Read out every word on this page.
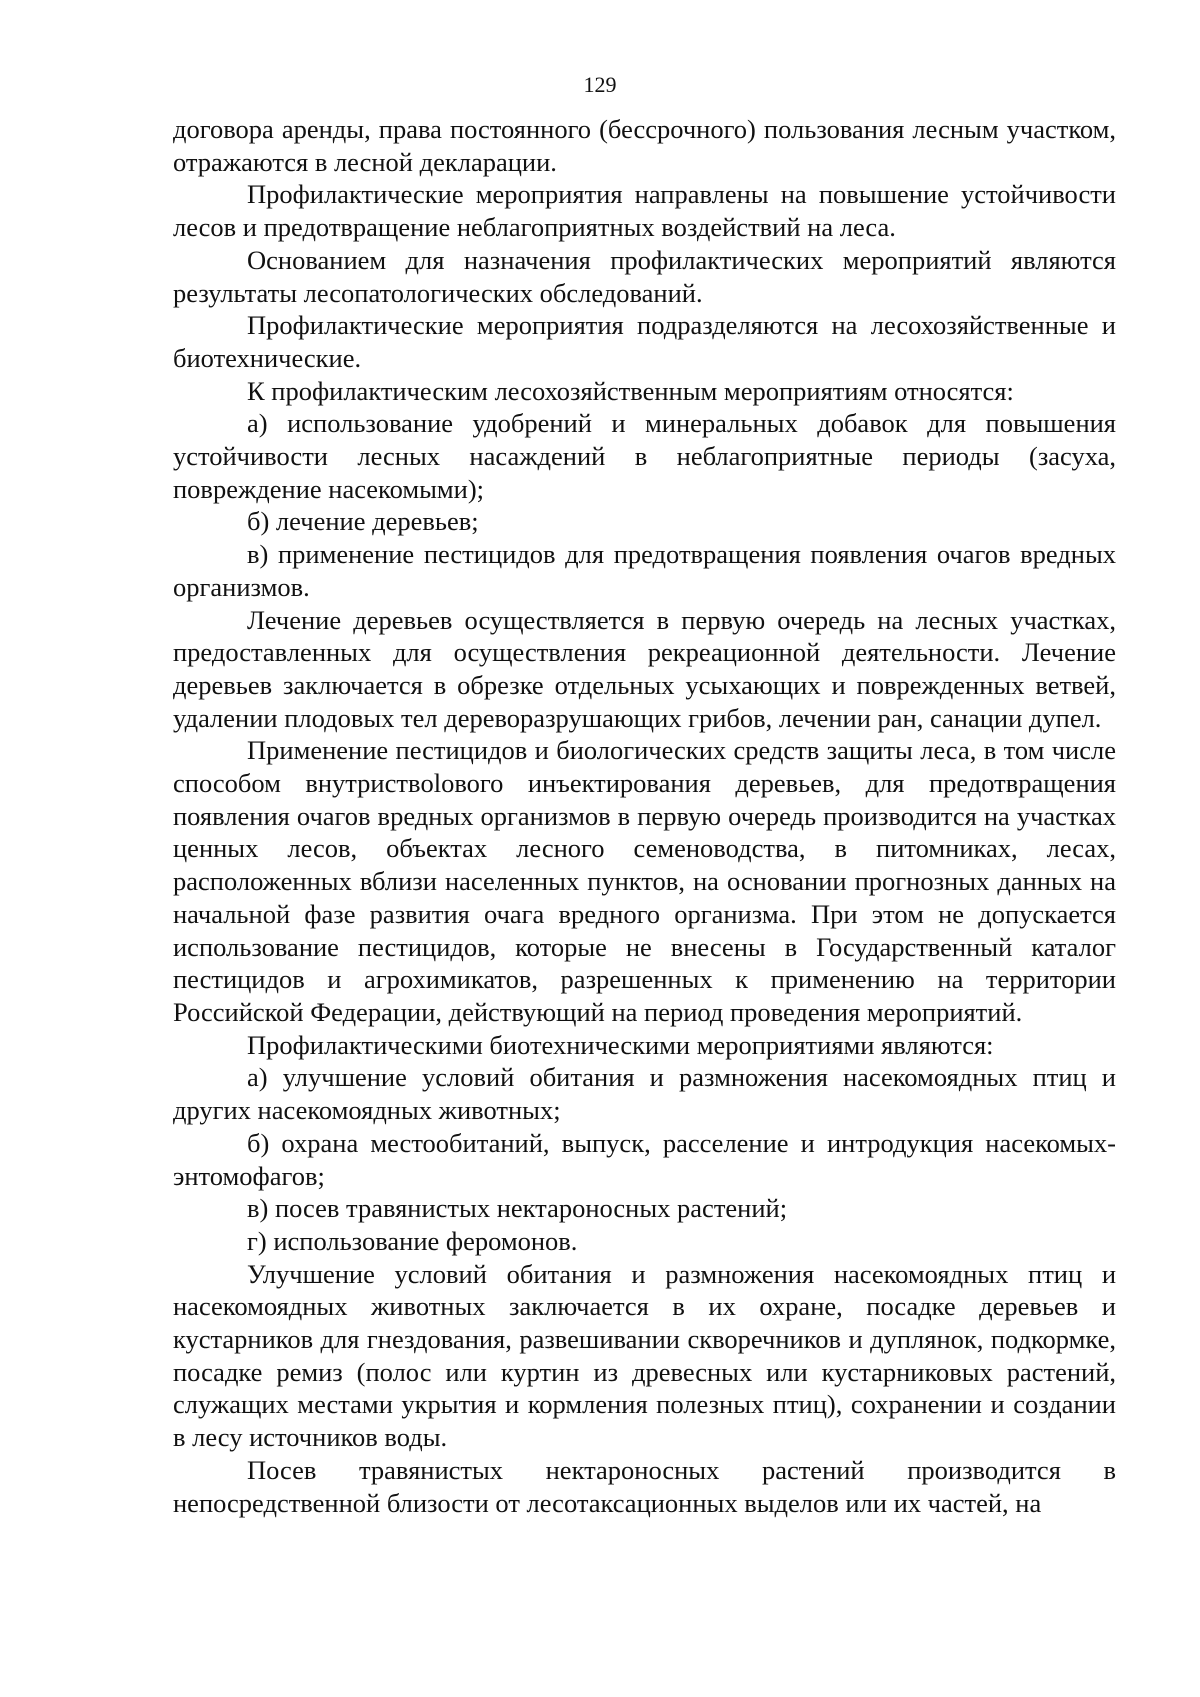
129

договора аренды, права постоянного (бессрочного) пользования лесным участком, отражаются в лесной декларации.

Профилактические мероприятия направлены на повышение устойчивости лесов и предотвращение неблагоприятных воздействий на леса.

Основанием для назначения профилактических мероприятий являются результаты лесопатологических обследований.

Профилактические мероприятия подразделяются на лесохозяйственные и биотехнические.

К профилактическим лесохозяйственным мероприятиям относятся:

а) использование удобрений и минеральных добавок для повышения устойчивости лесных насаждений в неблагоприятные периоды (засуха, повреждение насекомыми);

б) лечение деревьев;

в) применение пестицидов для предотвращения появления очагов вредных организмов.

Лечение деревьев осуществляется в первую очередь на лесных участках, предоставленных для осуществления рекреационной деятельности. Лечение деревьев заключается в обрезке отдельных усыхающих и поврежденных ветвей, удалении плодовых тел дереворазрушающих грибов, лечении ран, санации дупел.

Применение пестицидов и биологических средств защиты леса, в том числе способом внутриствolового инъектирования деревьев, для предотвращения появления очагов вредных организмов в первую очередь производится на участках ценных лесов, объектах лесного семеноводства, в питомниках, лесах, расположенных вблизи населенных пунктов, на основании прогнозных данных на начальной фазе развития очага вредного организма. При этом не допускается использование пестицидов, которые не внесены в Государственный каталог пестицидов и агрохимикатов, разрешенных к применению на территории Российской Федерации, действующий на период проведения мероприятий.

Профилактическими биотехническими мероприятиями являются:

а) улучшение условий обитания и размножения насекомоядных птиц и других насекомоядных животных;

б) охрана местообитаний, выпуск, расселение и интродукция насекомых-энтомофагов;

в) посев травянистых нектароносных растений;

г) использование феромонов.

Улучшение условий обитания и размножения насекомоядных птиц и насекомоядных животных заключается в их охране, посадке деревьев и кустарников для гнездования, развешивании скворечников и дуплянок, подкормке, посадке ремиз (полос или куртин из древесных или кустарниковых растений, служащих местами укрытия и кормления полезных птиц), сохранении и создании в лесу источников воды.

Посев травянистых нектароносных растений производится в непосредственной близости от лесотаксационных выделов или их частей, на
